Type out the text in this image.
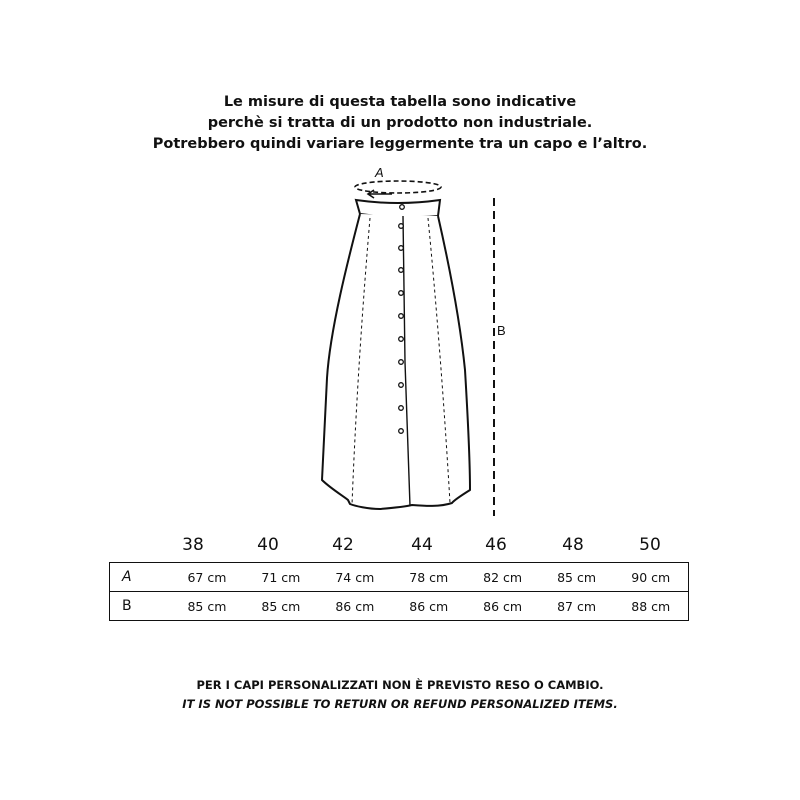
Le misure di questa tabella sono indicative
perchè si tratta di un prodotto non industriale.
Potrebbero quindi variare leggermente tra un capo e l’altro.
A
B
38	40	42	44	46	48	50
A	67 cm	71 cm	74 cm	78 cm	82 cm	85 cm	90 cm
B	85 cm	85 cm	86 cm	86 cm	86 cm	87 cm	88 cm
PER I CAPI PERSONALIZZATI NON È PREVISTO RESO O CAMBIO.
IT IS NOT POSSIBLE TO RETURN OR REFUND PERSONALIZED ITEMS.
